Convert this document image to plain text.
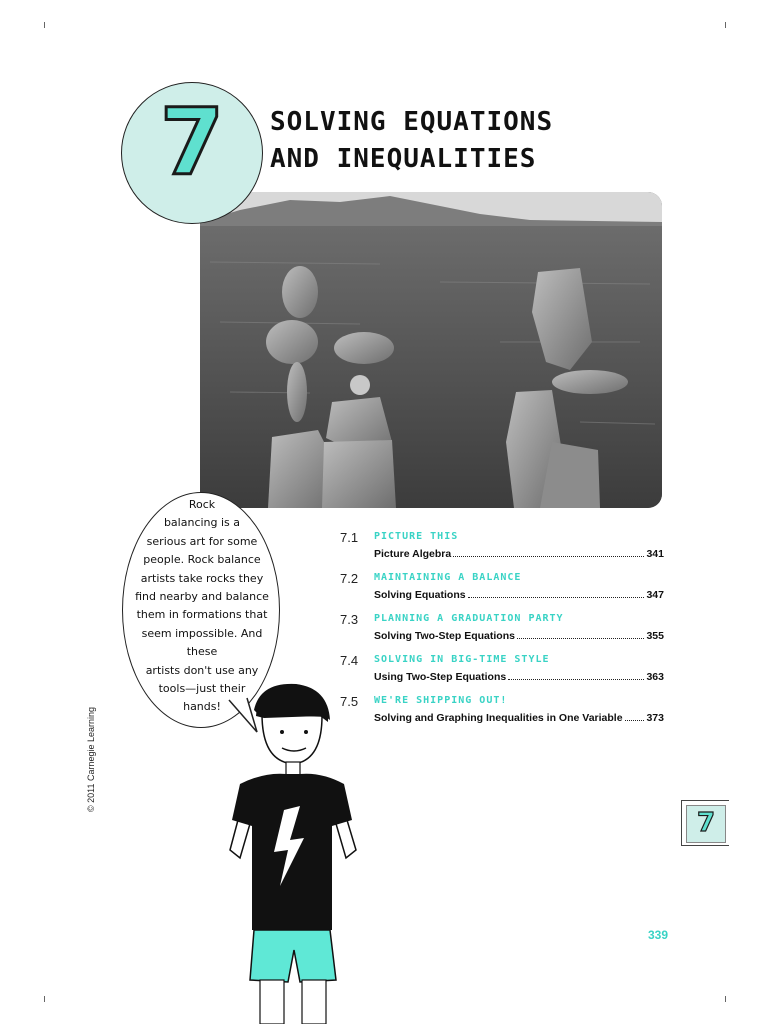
7	SOLVING EQUATIONS
AND INEQUALITIES
Rock
balancing is a
serious art for some
people. Rock balance
artists take rocks they
find nearby and balance
them in formations that
seem impossible. And these
artists don't use any
tools—just their
hands!
7.1 PICTURE THIS
Picture Algebra	341
7.2 MAINTAINING A BALANCE
Solving Equations	347
7.3 PLANNING A GRADUATION PARTY
Solving Two-Step Equations	355
7.4 SOLVING IN BIG-TIME STYLE
Using Two-Step Equations	363
7.5 WE'RE SHIPPING OUT!
Solving and Graphing Inequalities in One Variable 373
© 2011 Carnegie Learning
7
339
